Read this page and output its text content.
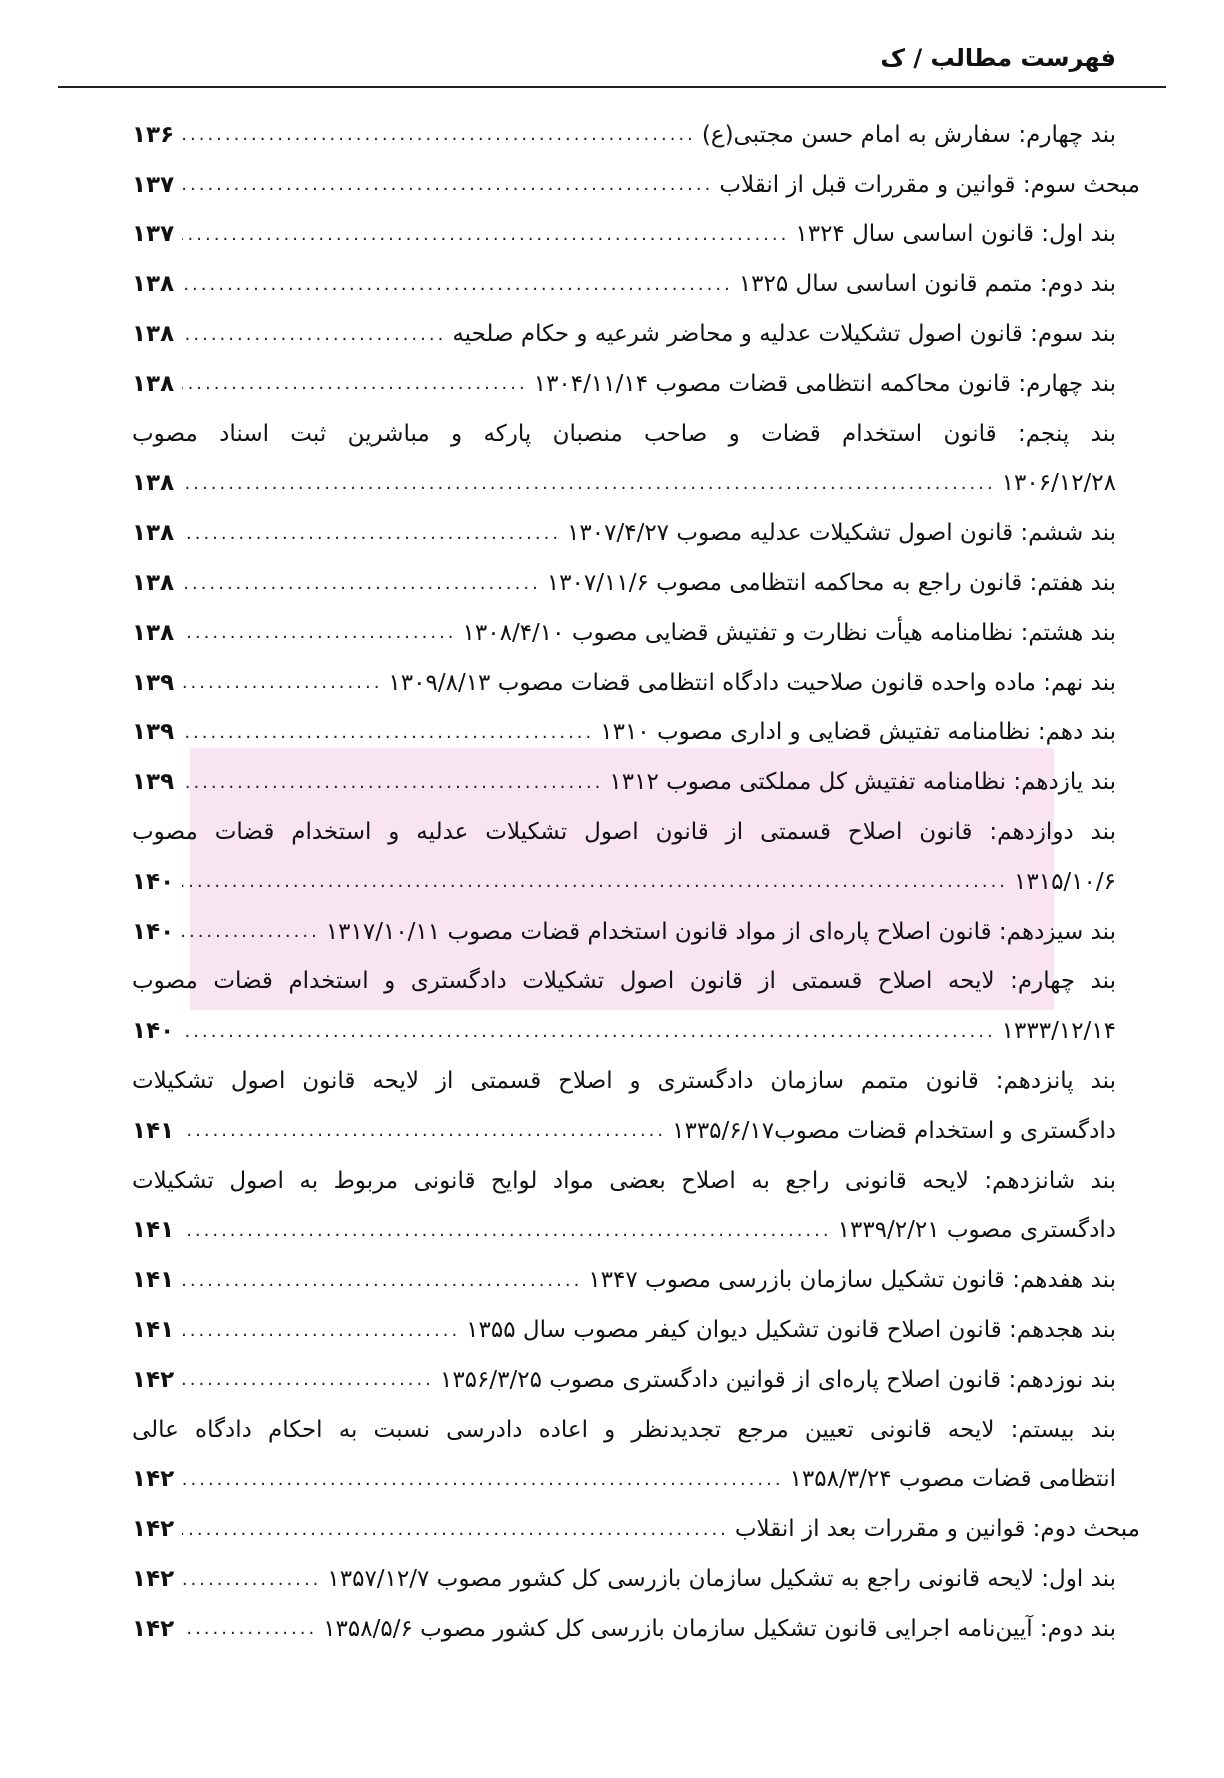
فهرست مطالب / ک
بند چهارم: سفارش به امام حسن مجتبی(ع)
.....
۱۳۶
مبحث سوم: قوانین و مقررات قبل از انقلاب
.....
۱۳۷
بند اول: قانون اساسی سال ۱۳۲۴
.....
۱۳۷
بند دوم: متمم قانون اساسی سال ۱۳۲۵
.....
۱۳۸
بند سوم: قانون اصول تشکیلات عدلیه و محاضر شرعیه و حکام صلحیه
.....
۱۳۸
بند چهارم: قانون محاکمه انتظامی قضات مصوب ۱۳۰۴/۱۱/۱۴
.....
۱۳۸
بند پنجم: قانون استخدام قضات و صاحب منصبان پارکه و مباشرین ثبت اسناد مصوب
۱۳۰۶/۱۲/۲۸
.....
۱۳۸
بند ششم: قانون اصول تشکیلات عدلیه مصوب ۱۳۰۷/۴/۲۷
.....
۱۳۸
بند هفتم: قانون راجع به محاکمه انتظامی مصوب ۱۳۰۷/۱۱/۶
.....
۱۳۸
بند هشتم: نظامنامه هیأت نظارت و تفتیش قضایی مصوب ۱۳۰۸/۴/۱۰
.....
۱۳۸
بند نهم: ماده واحده قانون صلاحیت دادگاه انتظامی قضات مصوب ۱۳۰۹/۸/۱۳
.....
۱۳۹
بند دهم: نظامنامه تفتیش قضایی و اداری مصوب ۱۳۱۰
.....
۱۳۹
بند یازدهم: نظامنامه تفتیش کل مملکتی مصوب ۱۳۱۲
.....
۱۳۹
بند دوازدهم: قانون اصلاح قسمتی از قانون اصول تشکیلات عدلیه و استخدام قضات مصوب
۱۳۱۵/۱۰/۶
.....
۱۴۰
بند سیزدهم: قانون اصلاح پاره‌ای از مواد قانون استخدام قضات مصوب ۱۳۱۷/۱۰/۱۱
.....
۱۴۰
بند چهارم: لایحه اصلاح قسمتی از قانون اصول تشکیلات دادگستری و استخدام قضات مصوب
۱۳۳۳/۱۲/۱۴
.....
۱۴۰
بند پانزدهم: قانون متمم سازمان دادگستری و اصلاح قسمتی از لایحه قانون اصول تشکیلات
دادگستری و استخدام قضات مصوب۱۳۳۵/۶/۱۷
.....
۱۴۱
بند شانزدهم: لایحه قانونی راجع به اصلاح بعضی مواد لوایح قانونی مربوط به اصول تشکیلات
دادگستری مصوب ۱۳۳۹/۲/۲۱
.....
۱۴۱
بند هفدهم: قانون تشکیل سازمان بازرسی مصوب ۱۳۴۷
.....
۱۴۱
بند هجدهم: قانون اصلاح قانون تشکیل دیوان کیفر مصوب سال ۱۳۵۵
.....
۱۴۱
بند نوزدهم: قانون اصلاح پاره‌ای از قوانین دادگستری مصوب ۱۳۵۶/۳/۲۵
.....
۱۴۲
بند بیستم: لایحه قانونی تعیین مرجع تجدیدنظر و اعاده دادرسی نسبت به احکام دادگاه عالی
انتظامی قضات مصوب ۱۳۵۸/۳/۲۴
.....
۱۴۲
مبحث دوم: قوانین و مقررات بعد از انقلاب
.....
۱۴۲
بند اول: لایحه قانونی راجع به تشکیل سازمان بازرسی کل کشور مصوب ۱۳۵۷/۱۲/۷
.....
۱۴۲
بند دوم: آیین‌نامه اجرایی قانون تشکیل سازمان بازرسی کل کشور مصوب ۱۳۵۸/۵/۶
.....
۱۴۲
